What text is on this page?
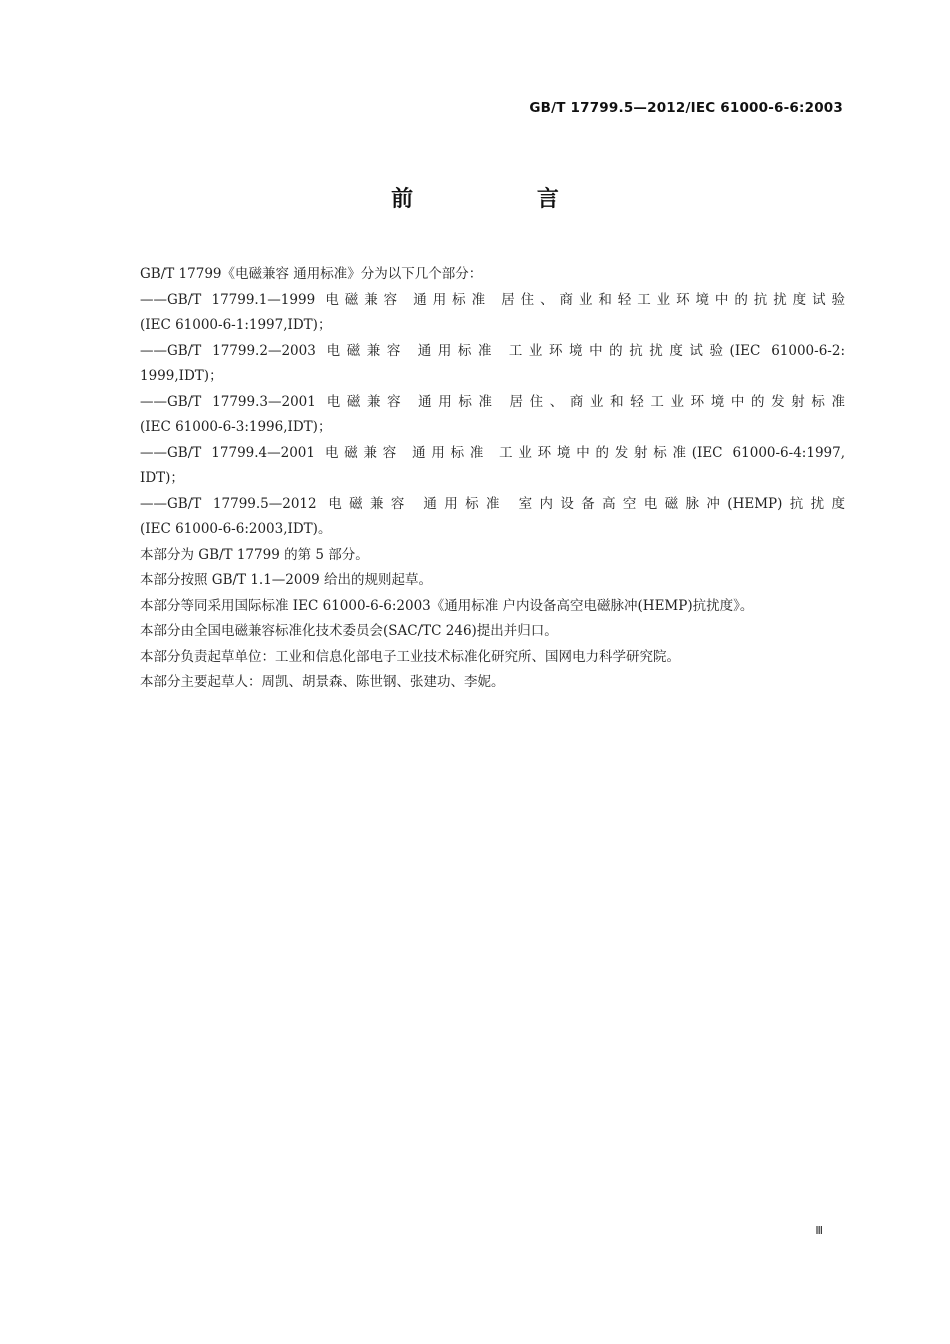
GB/T 17799.5—2012/IEC 61000-6-6:2003
前 言

GB/T 17799《电磁兼容 通用标准》分为以下几个部分：

——GB/T 17799.1—1999 电磁兼容 通用标准 居住、商业和轻工业环境中的抗扰度试验
(IEC 61000-6-1:1997,IDT)；

——GB/T 17799.2—2003 电磁兼容 通用标准 工业环境中的抗扰度试验(IEC 61000-6-2:
1999,IDT)；

——GB/T 17799.3—2001 电磁兼容 通用标准 居住、商业和轻工业环境中的发射标准
(IEC 61000-6-3:1996,IDT)；

——GB/T 17799.4—2001 电磁兼容 通用标准 工业环境中的发射标准(IEC 61000-6-4:1997,
IDT)；

——GB/T 17799.5—2012 电磁兼容 通用标准 室内设备高空电磁脉冲(HEMP)抗扰度
(IEC 61000-6-6:2003,IDT)。

本部分为 GB/T 17799 的第 5 部分。

本部分按照 GB/T 1.1—2009 给出的规则起草。

本部分等同采用国际标准 IEC 61000-6-6:2003《通用标准 户内设备高空电磁脉冲(HEMP)抗扰度》。

本部分由全国电磁兼容标准化技术委员会(SAC/TC 246)提出并归口。

本部分负责起草单位：工业和信息化部电子工业技术标准化研究所、国网电力科学研究院。

本部分主要起草人：周凯、胡景森、陈世钢、张建功、李妮。

Ⅲ
